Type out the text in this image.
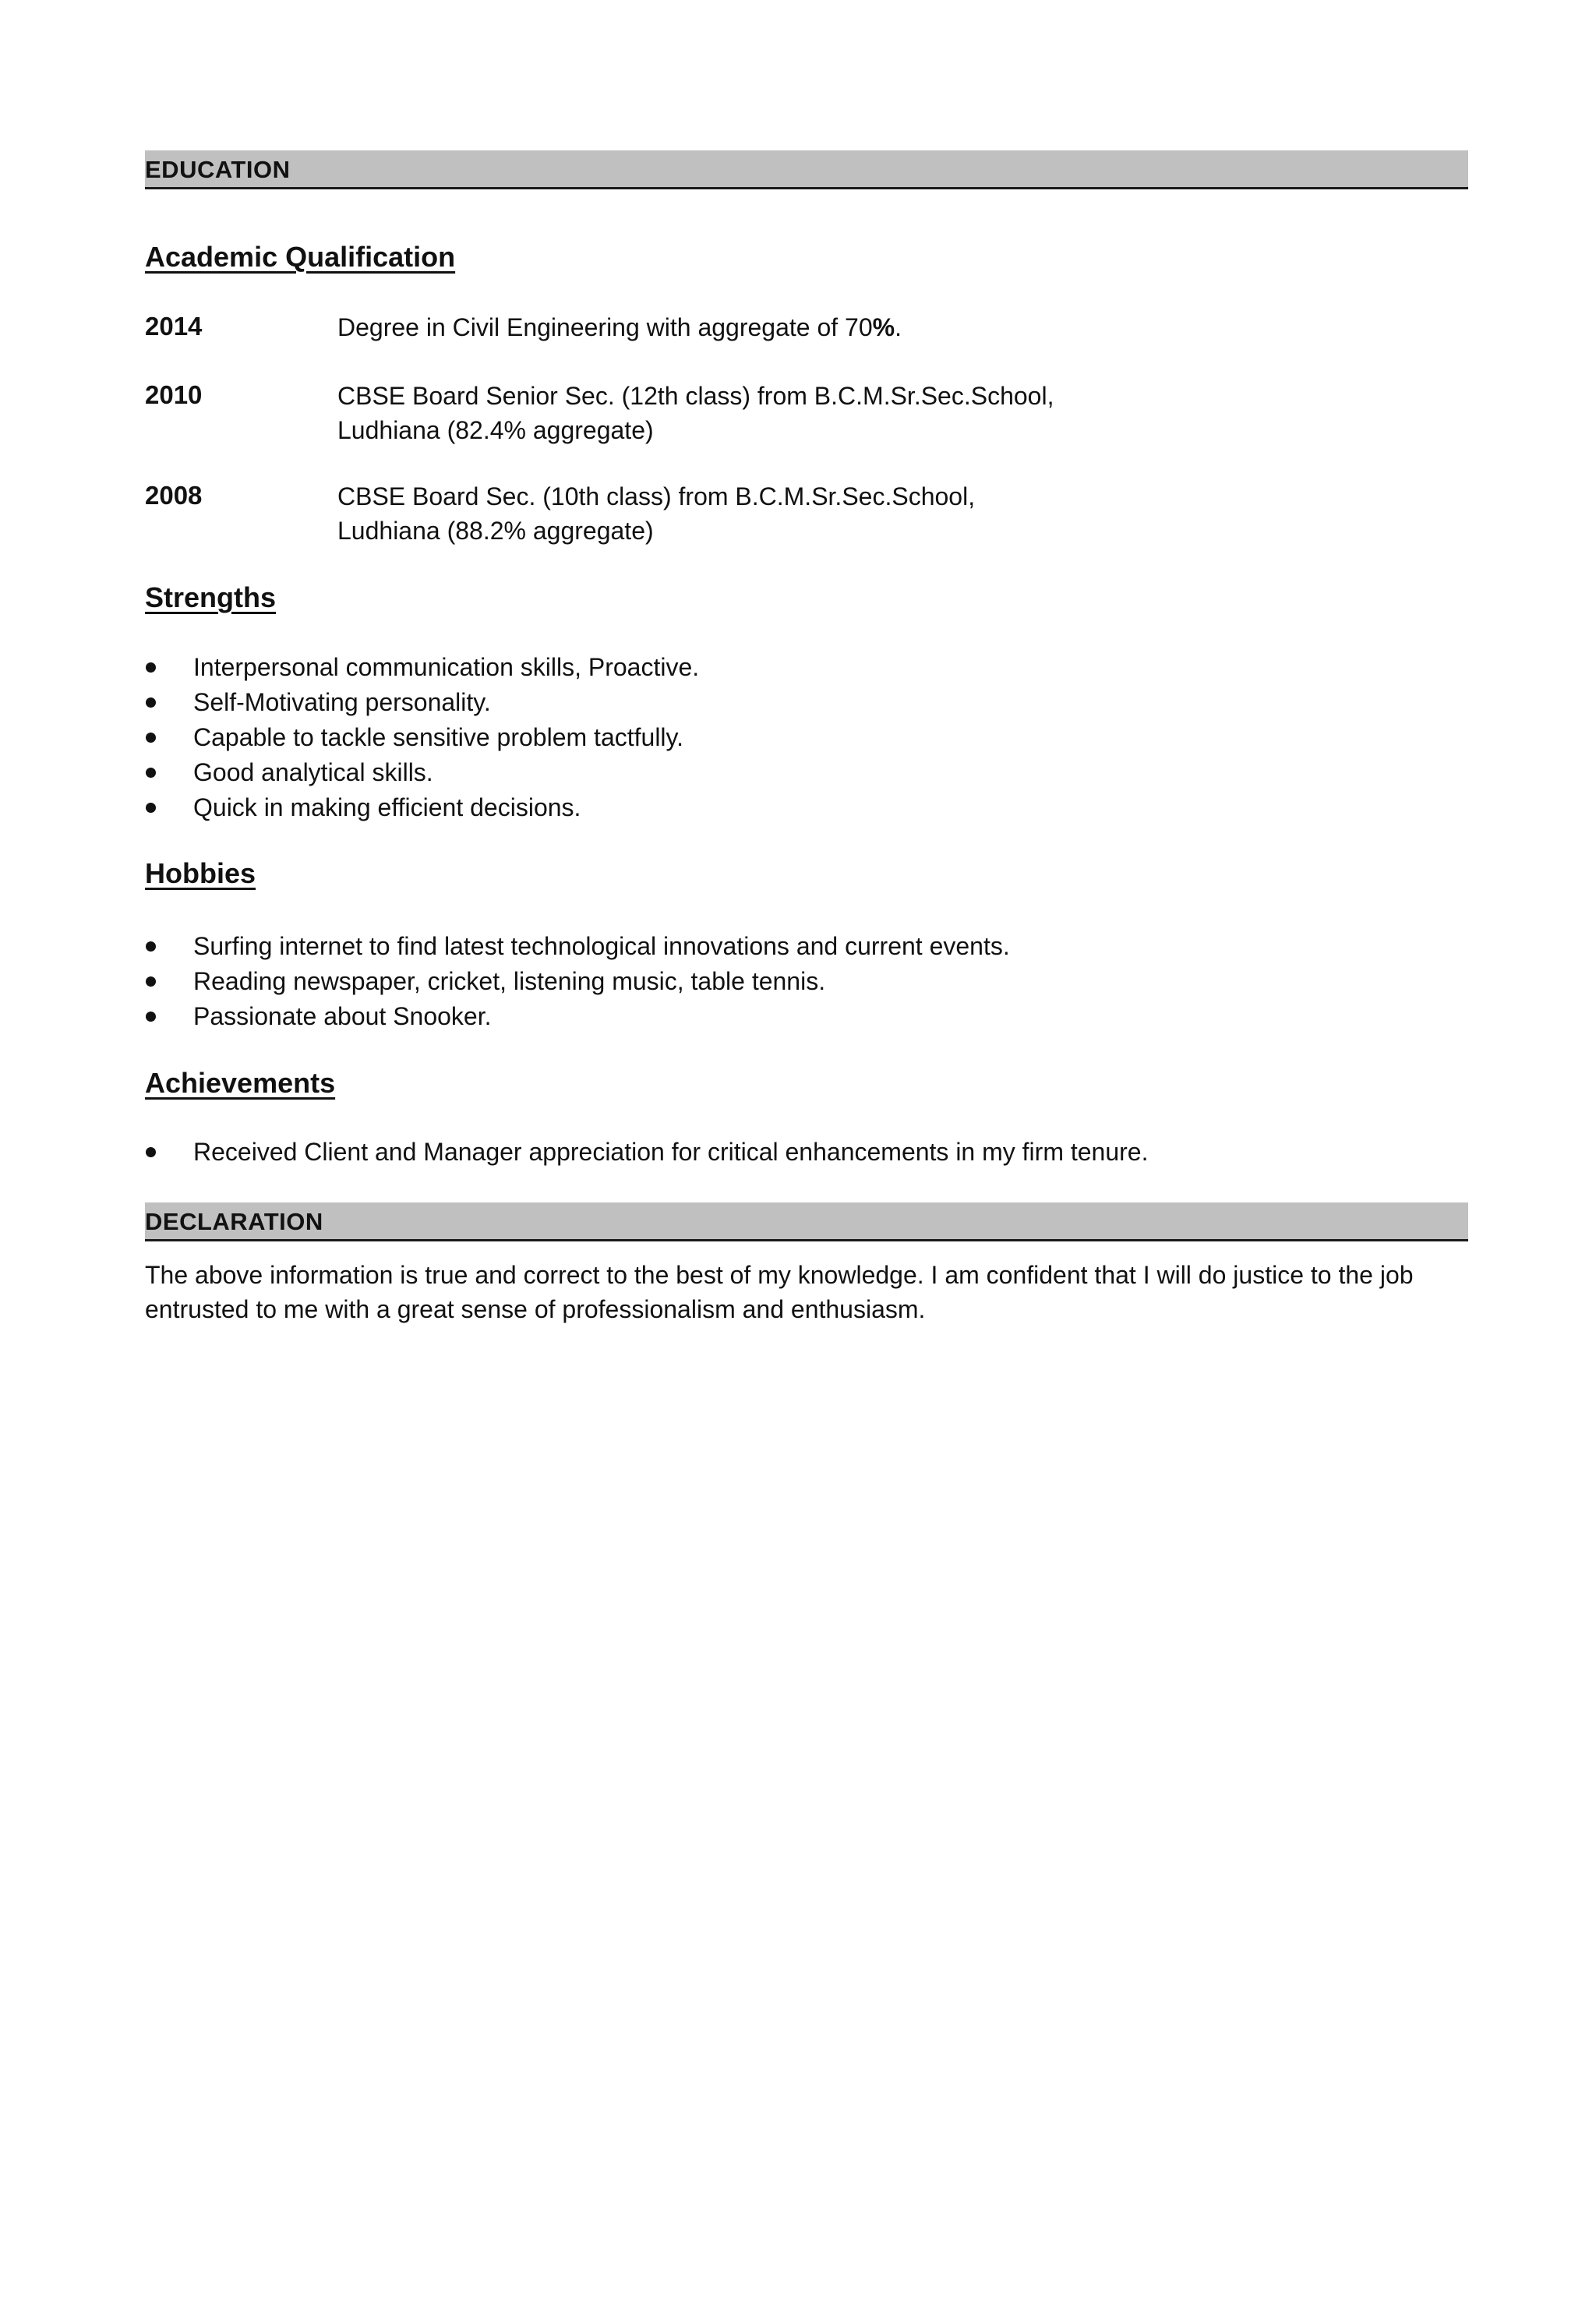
EDUCATION
Academic Qualification
2014	Degree in Civil Engineering with aggregate of 70%.
2010	CBSE Board Senior Sec. (12th class) from B.C.M.Sr.Sec.School,
Ludhiana (82.4% aggregate)
2008	CBSE Board Sec. (10th class) from B.C.M.Sr.Sec.School,
Ludhiana (88.2% aggregate)
Strengths
Interpersonal communication skills, Proactive.
Self-Motivating personality.
Capable to tackle sensitive problem tactfully.
Good analytical skills.
Quick in making efficient decisions.
Hobbies
Surfing internet to find latest technological innovations and current events.
Reading newspaper, cricket, listening music, table tennis.
Passionate about Snooker.
Achievements
Received Client and Manager appreciation for critical enhancements in my firm tenure.
DECLARATION
The above information is true and correct to the best of my knowledge. I am confident that I will do justice to the job entrusted to me with a great sense of professionalism and enthusiasm.
